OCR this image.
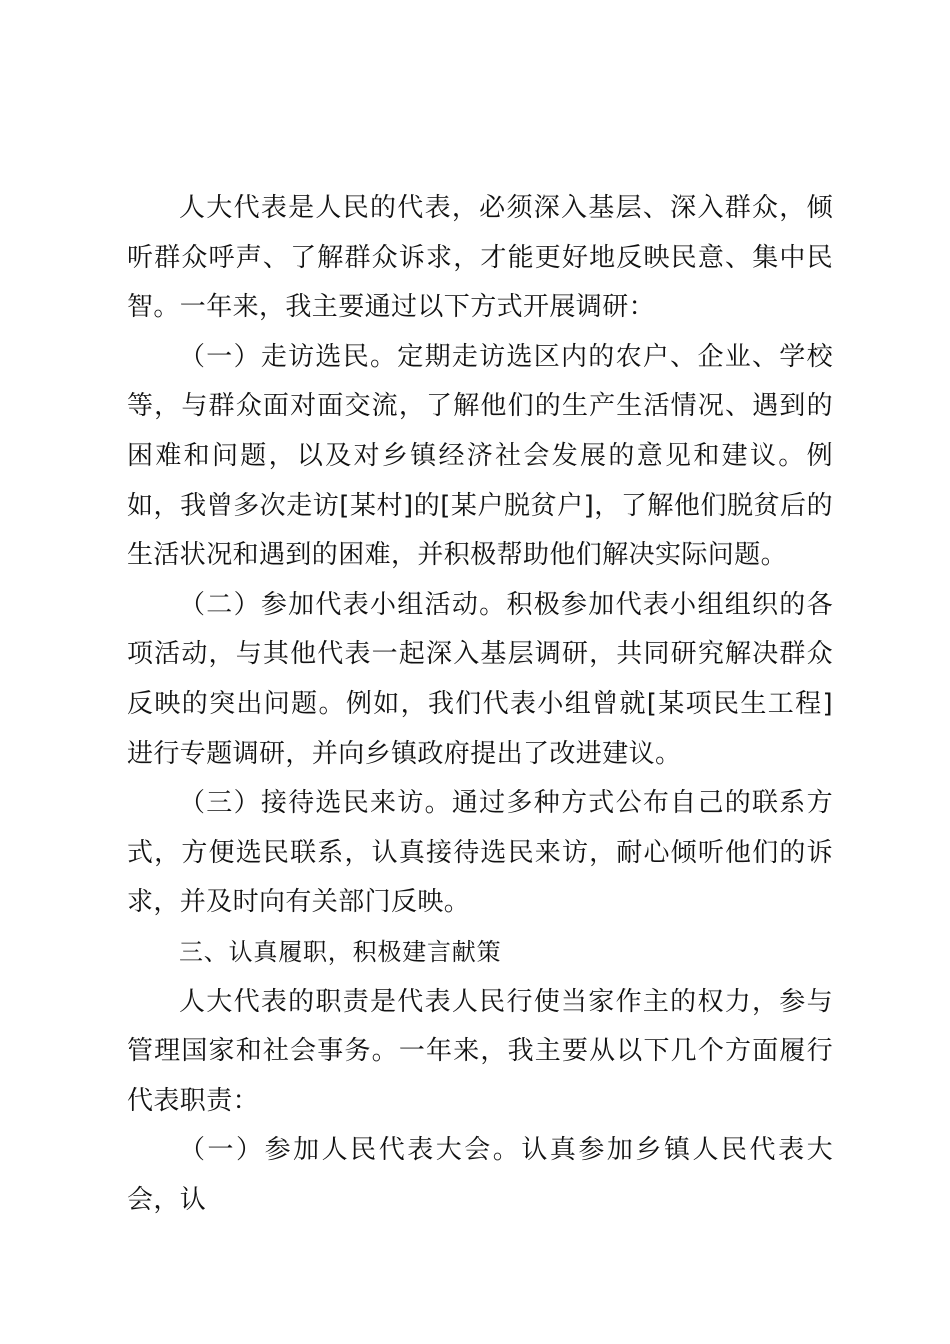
人大代表是人民的代表，必须深入基层、深入群众，倾听群众呼声、了解群众诉求，才能更好地反映民意、集中民智。一年来，我主要通过以下方式开展调研：

（一）走访选民。定期走访选区内的农户、企业、学校等，与群众面对面交流，了解他们的生产生活情况、遇到的困难和问题，以及对乡镇经济社会发展的意见和建议。例如，我曾多次走访[某村]的[某户脱贫户]，了解他们脱贫后的生活状况和遇到的困难，并积极帮助他们解决实际问题。

（二）参加代表小组活动。积极参加代表小组组织的各项活动，与其他代表一起深入基层调研，共同研究解决群众反映的突出问题。例如，我们代表小组曾就[某项民生工程]进行专题调研，并向乡镇政府提出了改进建议。

（三）接待选民来访。通过多种方式公布自己的联系方式，方便选民联系，认真接待选民来访，耐心倾听他们的诉求，并及时向有关部门反映。

三、认真履职，积极建言献策

人大代表的职责是代表人民行使当家作主的权力，参与管理国家和社会事务。一年来，我主要从以下几个方面履行代表职责：

（一）参加人民代表大会。认真参加乡镇人民代表大会，认
